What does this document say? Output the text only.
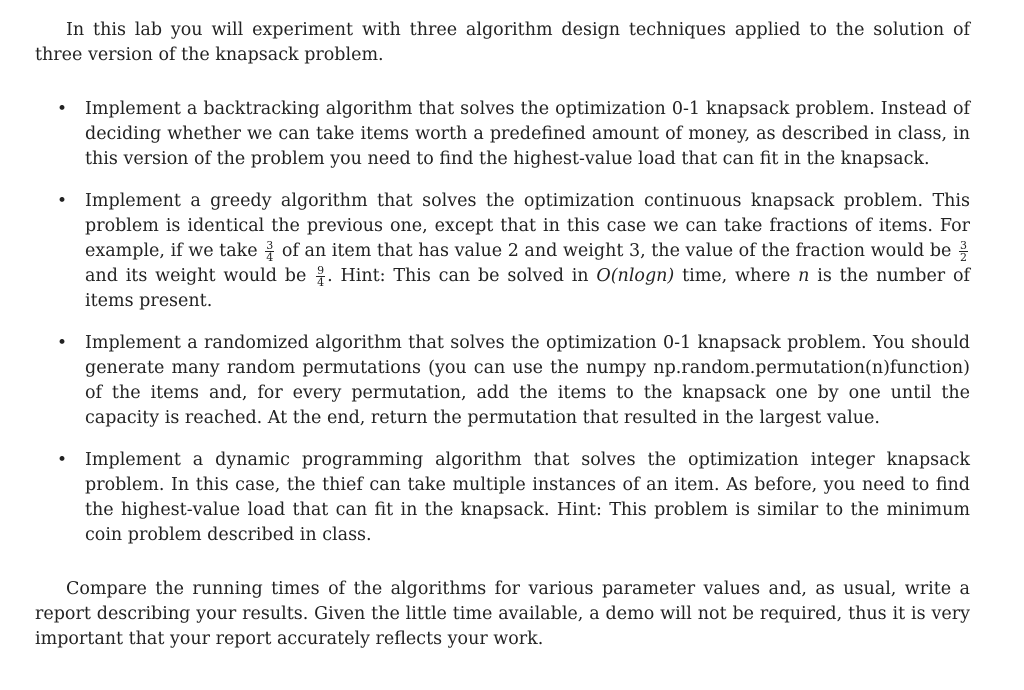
In this lab you will experiment with three algorithm design techniques applied to the solution of three version of the knapsack problem.

• Implement a backtracking algorithm that solves the optimization 0-1 knapsack problem. Instead of deciding whether we can take items worth a predefined amount of money, as described in class, in this version of the problem you need to find the highest-value load that can fit in the knapsack.
• Implement a greedy algorithm that solves the optimization continuous knapsack problem. This problem is identical the previous one, except that in this case we can take fractions of items. For example, if we take $\frac{3}{4}$ of an item that has value 2 and weight 3, the value of the fraction would be $\frac{3}{2}$
and its weight would be $\frac{9}{4}$ . Hint: This can be solved in O(nlogn) time, where n is the number of items present.
• Implement a randomized algorithm that solves the optimization 0-1 knapsack problem. You should generate many random permutations (you can use the numpy np.random.permutation(n)function) of the items and, for every permutation, add the items to the knapsack one by one until the capacity is reached. At the end, return the permutation that resulted in the largest value.
• Implement a dynamic programming algorithm that solves the optimization integer knapsack problem. In this case, the thief can take multiple instances of an item. As before, you need to find the highest-value load that can fit in the knapsack. Hint: This problem is similar to the minimum coin problem described in class.

Compare the running times of the algorithms for various parameter values and, as usual, write a report describing your results. Given the little time available, a demo will not be required, thus it is very important that your report accurately reflects your work.
